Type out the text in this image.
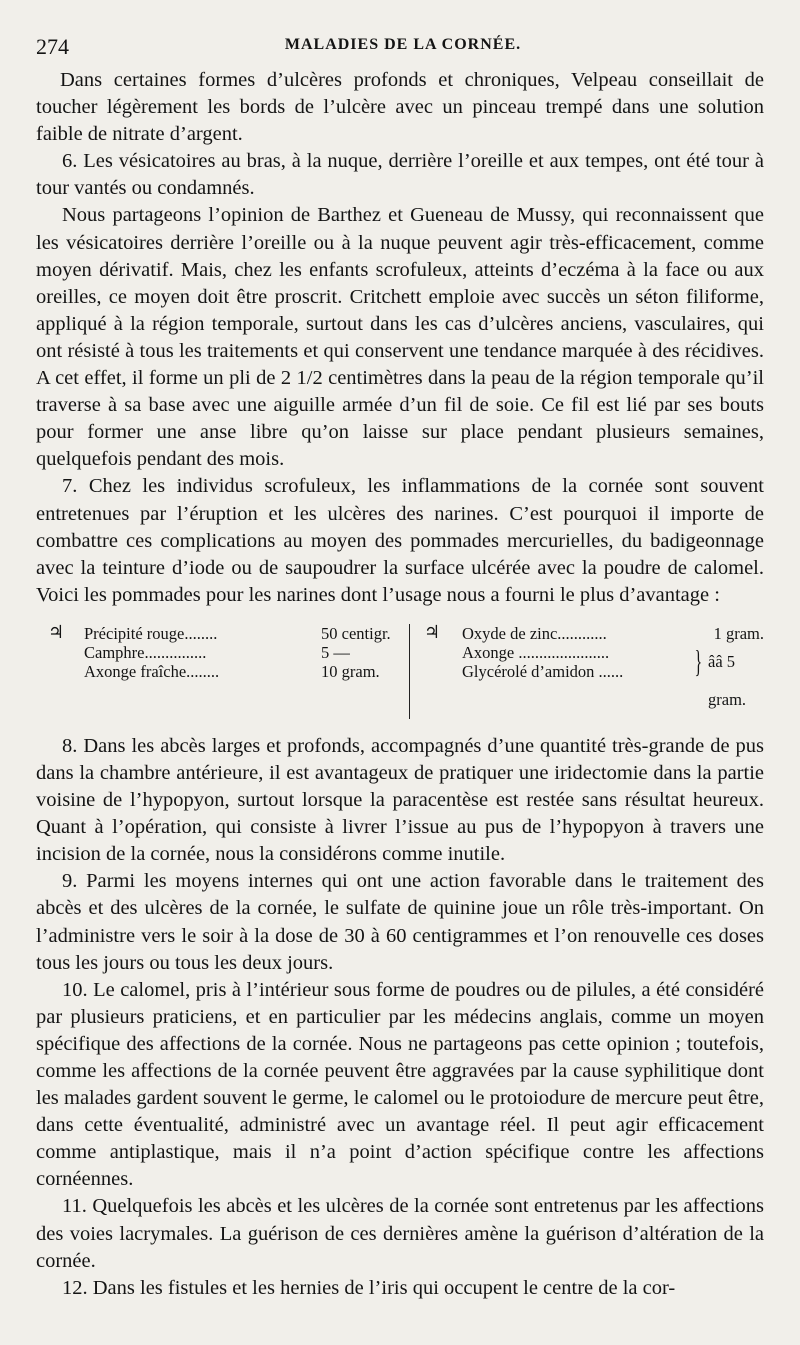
274	MALADIES DE LA CORNÉE.

Dans certaines formes d’ulcères profonds et chroniques, Velpeau conseillait de toucher légèrement les bords de l’ulcère avec un pinceau trempé dans une solution faible de nitrate d’argent.

6. Les vésicatoires au bras, à la nuque, derrière l’oreille et aux tempes, ont été tour à tour vantés ou condamnés.

Nous partageons l’opinion de Barthez et Gueneau de Mussy, qui reconnaissent que les vésicatoires derrière l’oreille ou à la nuque peuvent agir très-efficacement, comme moyen dérivatif. Mais, chez les enfants scrofuleux, atteints d’eczéma à la face ou aux oreilles, ce moyen doit être proscrit. Critchett emploie avec succès un séton filiforme, appliqué à la région temporale, surtout dans les cas d’ulcères anciens, vasculaires, qui ont résisté à tous les traitements et qui conservent une tendance marquée à des récidives. A cet effet, il forme un pli de 2 1/2 centimètres dans la peau de la région temporale qu’il traverse à sa base avec une aiguille armée d’un fil de soie. Ce fil est lié par ses bouts pour former une anse libre qu’on laisse sur place pendant plusieurs semaines, quelquefois pendant des mois.

7. Chez les individus scrofuleux, les inflammations de la cornée sont souvent entretenues par l’éruption et les ulcères des narines. C’est pourquoi il importe de combattre ces complications au moyen des pommades mercurielles, du badigeonnage avec la teinture d’iode ou de saupoudrer la surface ulcérée avec la poudre de calomel. Voici les pommades pour les narines dont l’usage nous a fourni le plus d’avantage :

♃ Précipité rouge........	50 centigr.
Camphre...............	5 —
Axonge fraîche........	10 gram.
♃ Oxyde de zinc............	1 gram.
Axonge ......................
Glycérolé d’amidon ......	} ââ 5 gram.

8. Dans les abcès larges et profonds, accompagnés d’une quantité très-grande de pus dans la chambre antérieure, il est avantageux de pratiquer une iridectomie dans la partie voisine de l’hypopyon, surtout lorsque la paracentèse est restée sans résultat heureux. Quant à l’opération, qui consiste à livrer l’issue au pus de l’hypopyon à travers une incision de la cornée, nous la considérons comme inutile.

9. Parmi les moyens internes qui ont une action favorable dans le traitement des abcès et des ulcères de la cornée, le sulfate de quinine joue un rôle très-important. On l’administre vers le soir à la dose de 30 à 60 centigrammes et l’on renouvelle ces doses tous les jours ou tous les deux jours.

10. Le calomel, pris à l’intérieur sous forme de poudres ou de pilules, a été considéré par plusieurs praticiens, et en particulier par les médecins anglais, comme un moyen spécifique des affections de la cornée. Nous ne partageons pas cette opinion ; toutefois, comme les affections de la cornée peuvent être aggravées par la cause syphilitique dont les malades gardent souvent le germe, le calomel ou le protoiodure de mercure peut être, dans cette éventualité, administré avec un avantage réel. Il peut agir efficacement comme antiplastique, mais il n’a point d’action spécifique contre les affections cornéennes.

11. Quelquefois les abcès et les ulcères de la cornée sont entretenus par les affections des voies lacrymales. La guérison de ces dernières amène la guérison d’altération de la cornée.

12. Dans les fistules et les hernies de l’iris qui occupent le centre de la cor-
